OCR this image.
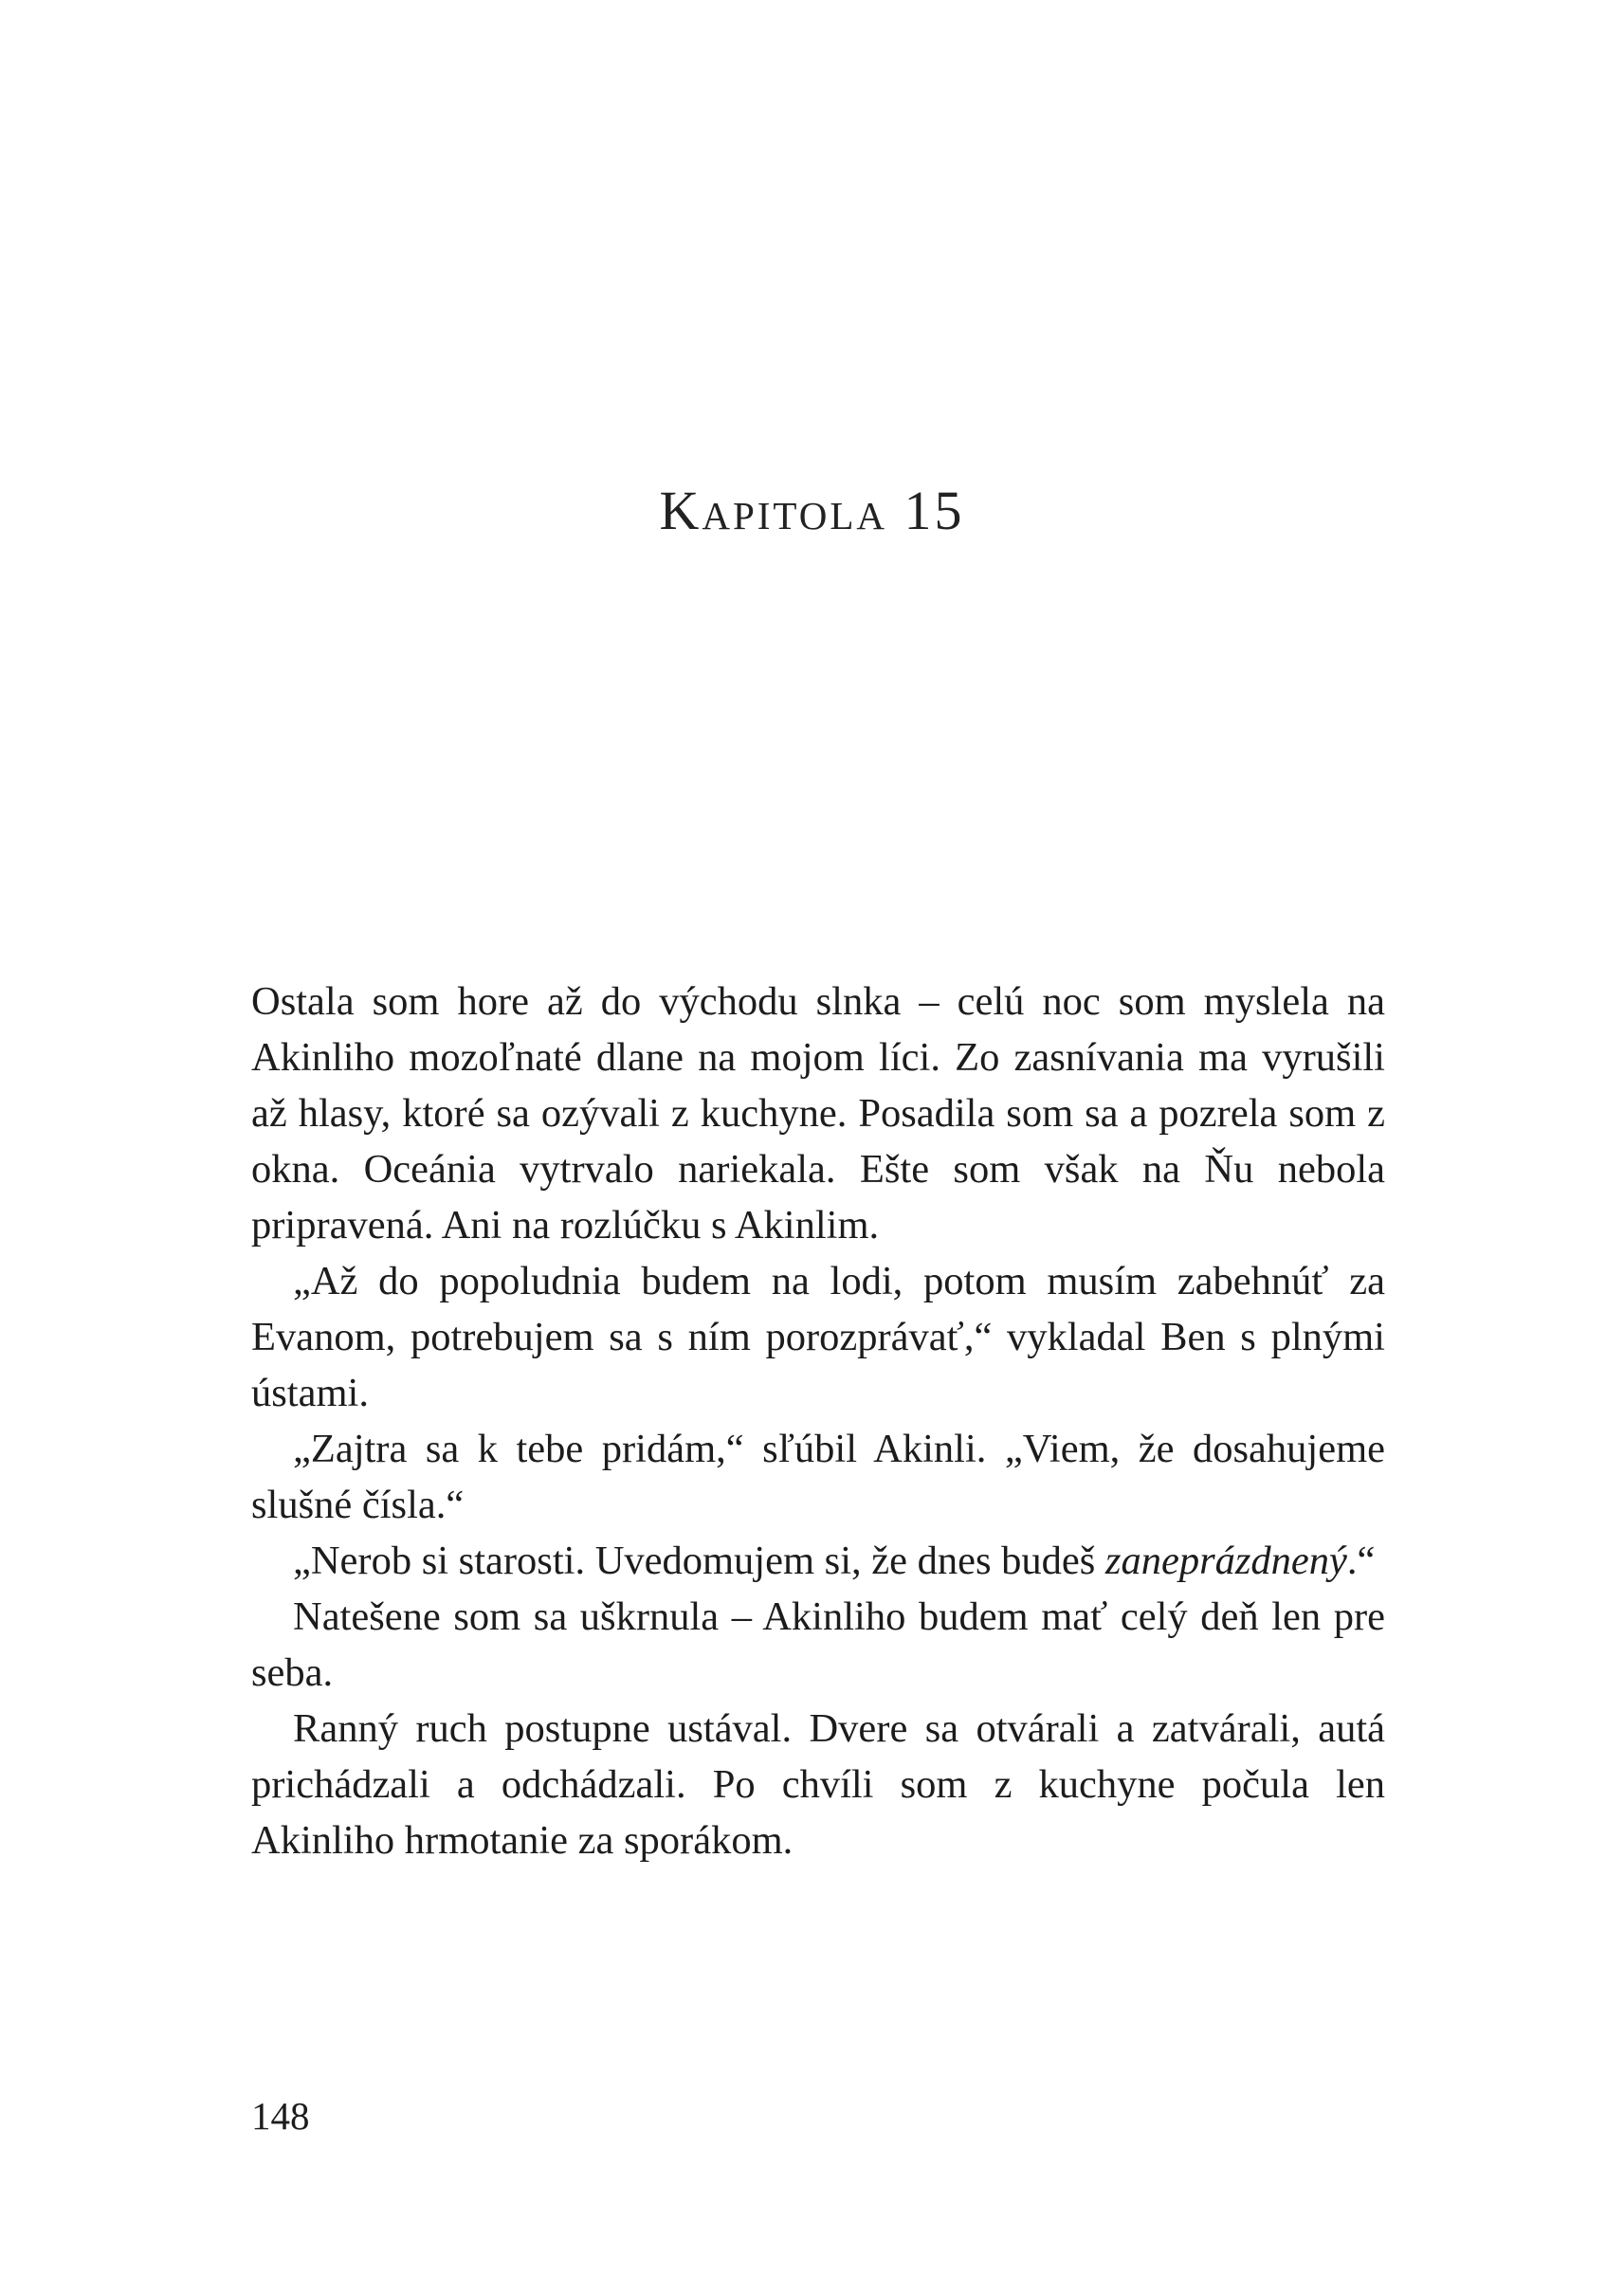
Kapitola 15

Ostala som hore až do východu slnka – celú noc som myslela na Akinliho mozoľnaté dlane na mojom líci. Zo zasnívania ma vyrušili až hlasy, ktoré sa ozývali z kuchyne. Posadila som sa a pozrela som z okna. Oceánia vytrvalo nariekala. Ešte som však na Ňu nebola pripravená. Ani na rozlúčku s Akinlim.

„Až do popoludnia budem na lodi, potom musím zabehnúť za Evanom, potrebujem sa s ním porozprávať,“ vykladal Ben s plnými ústami.

„Zajtra sa k tebe pridám,“ sľúbil Akinli. „Viem, že dosahujeme slušné čísla.“

„Nerob si starosti. Uvedomujem si, že dnes budeš zaneprázdnený.“

Natešene som sa uškrnula – Akinliho budem mať celý deň len pre seba.

Ranný ruch postupne ustával. Dvere sa otvárali a zatvárali, autá prichádzali a odchádzali. Po chvíli som z kuchyne počula len Akinliho hrmotanie za sporákom.

148
